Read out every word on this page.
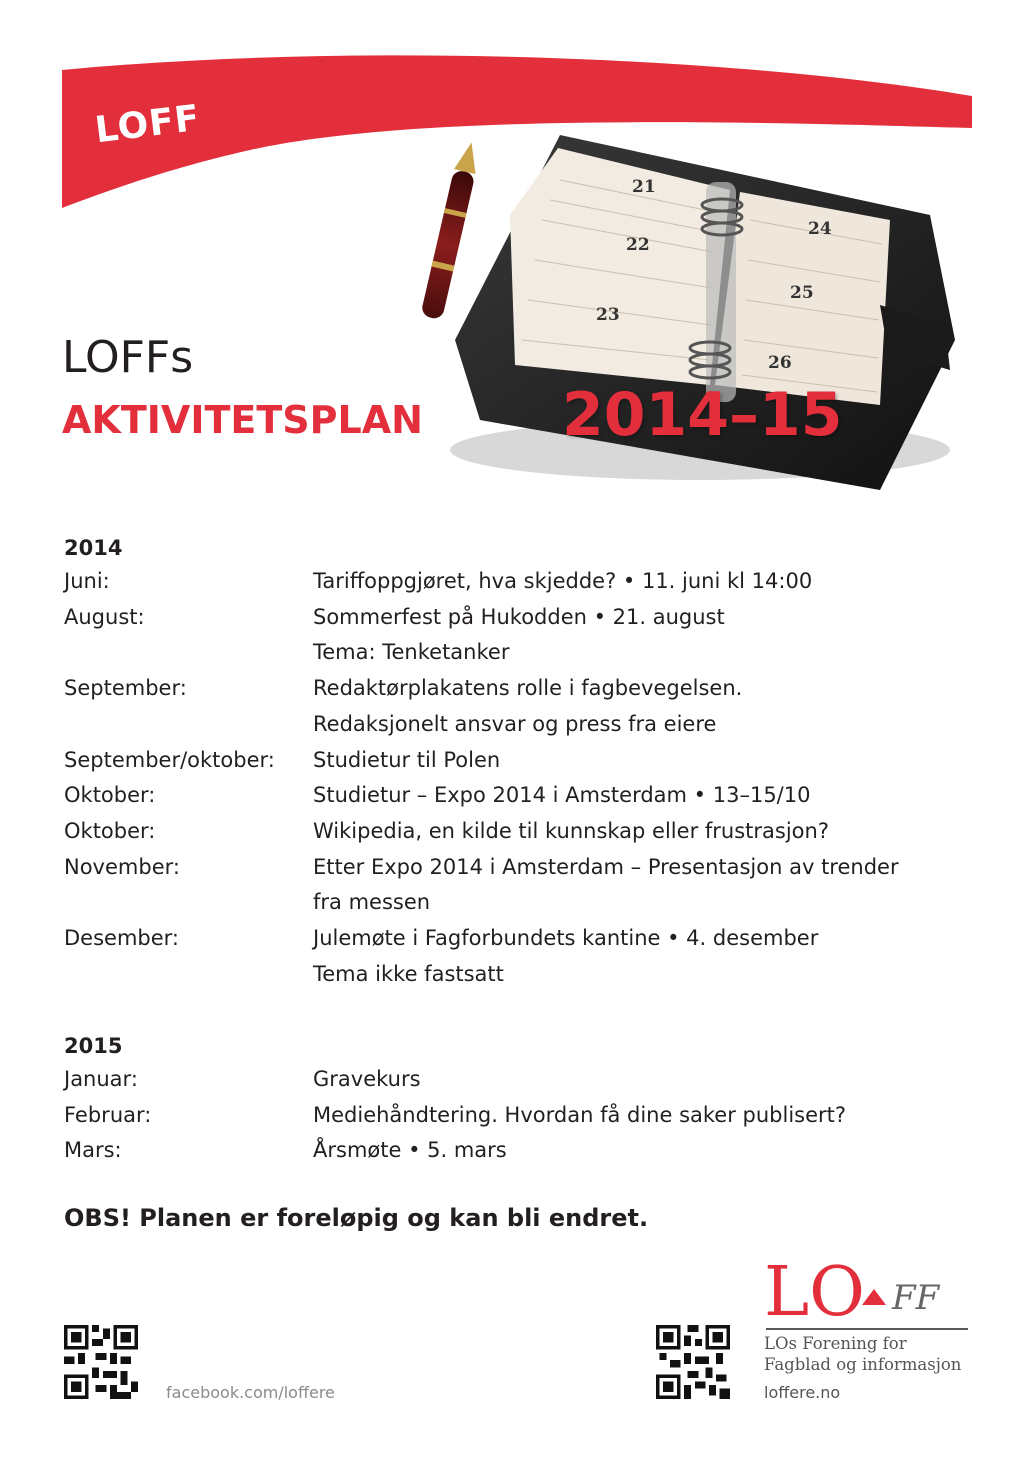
LOFF
21
22
23
24
25
26
LOFFs
AKTIVITETSPLAN 2014–15
2014
Juni:	Tariffoppgjøret, hva skjedde? • 11. juni kl 14:00
August:	Sommerfest på Hukodden • 21. august
Tema: Tenketanker
September:	Redaktørplakatens rolle i fagbevegelsen.
Redaksjonelt ansvar og press fra eiere
September/oktober:	Studietur til Polen
Oktober:	Studietur – Expo 2014 i Amsterdam • 13–15/10
Oktober:	Wikipedia, en kilde til kunnskap eller frustrasjon?
November:	Etter Expo 2014 i Amsterdam – Presentasjon av trender
fra messen
Desember:	Julemøte i Fagforbundets kantine • 4. desember
Tema ikke fastsatt
2015
Januar:	Gravekurs
Februar:	Mediehåndtering. Hvordan få dine saker publisert?
Mars:	Årsmøte • 5. mars
OBS! Planen er foreløpig og kan bli endret.
facebook.com/loffere	loffere.no
LO FF
LOs Forening for
Fagblad og informasjon
